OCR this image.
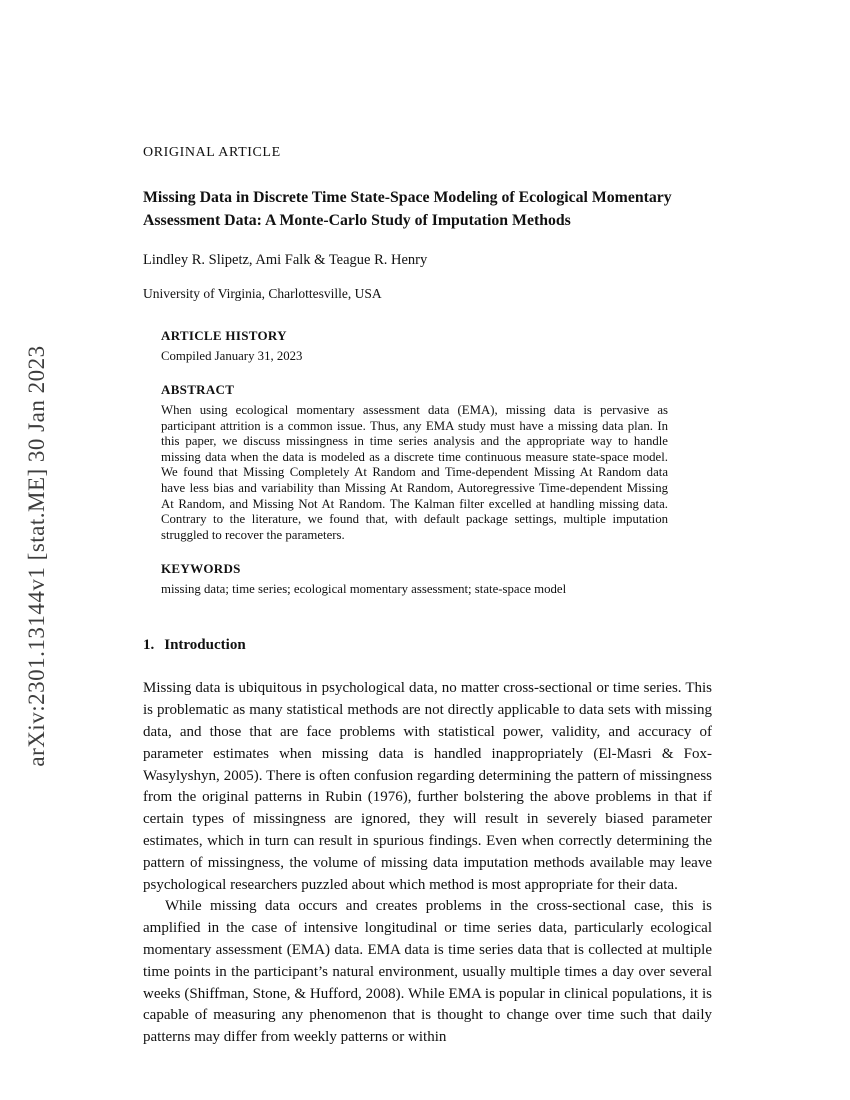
arXiv:2301.13144v1 [stat.ME] 30 Jan 2023
ORIGINAL ARTICLE
Missing Data in Discrete Time State-Space Modeling of Ecological Momentary Assessment Data: A Monte-Carlo Study of Imputation Methods
Lindley R. Slipetz, Ami Falk & Teague R. Henry
University of Virginia, Charlottesville, USA
ARTICLE HISTORY
Compiled January 31, 2023
ABSTRACT
When using ecological momentary assessment data (EMA), missing data is pervasive as participant attrition is a common issue. Thus, any EMA study must have a missing data plan. In this paper, we discuss missingness in time series analysis and the appropriate way to handle missing data when the data is modeled as a discrete time continuous measure state-space model. We found that Missing Completely At Random and Time-dependent Missing At Random data have less bias and variability than Missing At Random, Autoregressive Time-dependent Missing At Random, and Missing Not At Random. The Kalman filter excelled at handling missing data. Contrary to the literature, we found that, with default package settings, multiple imputation struggled to recover the parameters.
KEYWORDS
missing data; time series; ecological momentary assessment; state-space model
1. Introduction

Missing data is ubiquitous in psychological data, no matter cross-sectional or time series. This is problematic as many statistical methods are not directly applicable to data sets with missing data, and those that are face problems with statistical power, validity, and accuracy of parameter estimates when missing data is handled inappropriately (El-Masri & Fox-Wasylyshyn, 2005). There is often confusion regarding determining the pattern of missingness from the original patterns in Rubin (1976), further bolstering the above problems in that if certain types of missingness are ignored, they will result in severely biased parameter estimates, which in turn can result in spurious findings. Even when correctly determining the pattern of missingness, the volume of missing data imputation methods available may leave psychological researchers puzzled about which method is most appropriate for their data.

While missing data occurs and creates problems in the cross-sectional case, this is amplified in the case of intensive longitudinal or time series data, particularly ecological momentary assessment (EMA) data. EMA data is time series data that is collected at multiple time points in the participant’s natural environment, usually multiple times a day over several weeks (Shiffman, Stone, & Hufford, 2008). While EMA is popular in clinical populations, it is capable of measuring any phenomenon that is thought to change over time such that daily patterns may differ from weekly patterns or within
